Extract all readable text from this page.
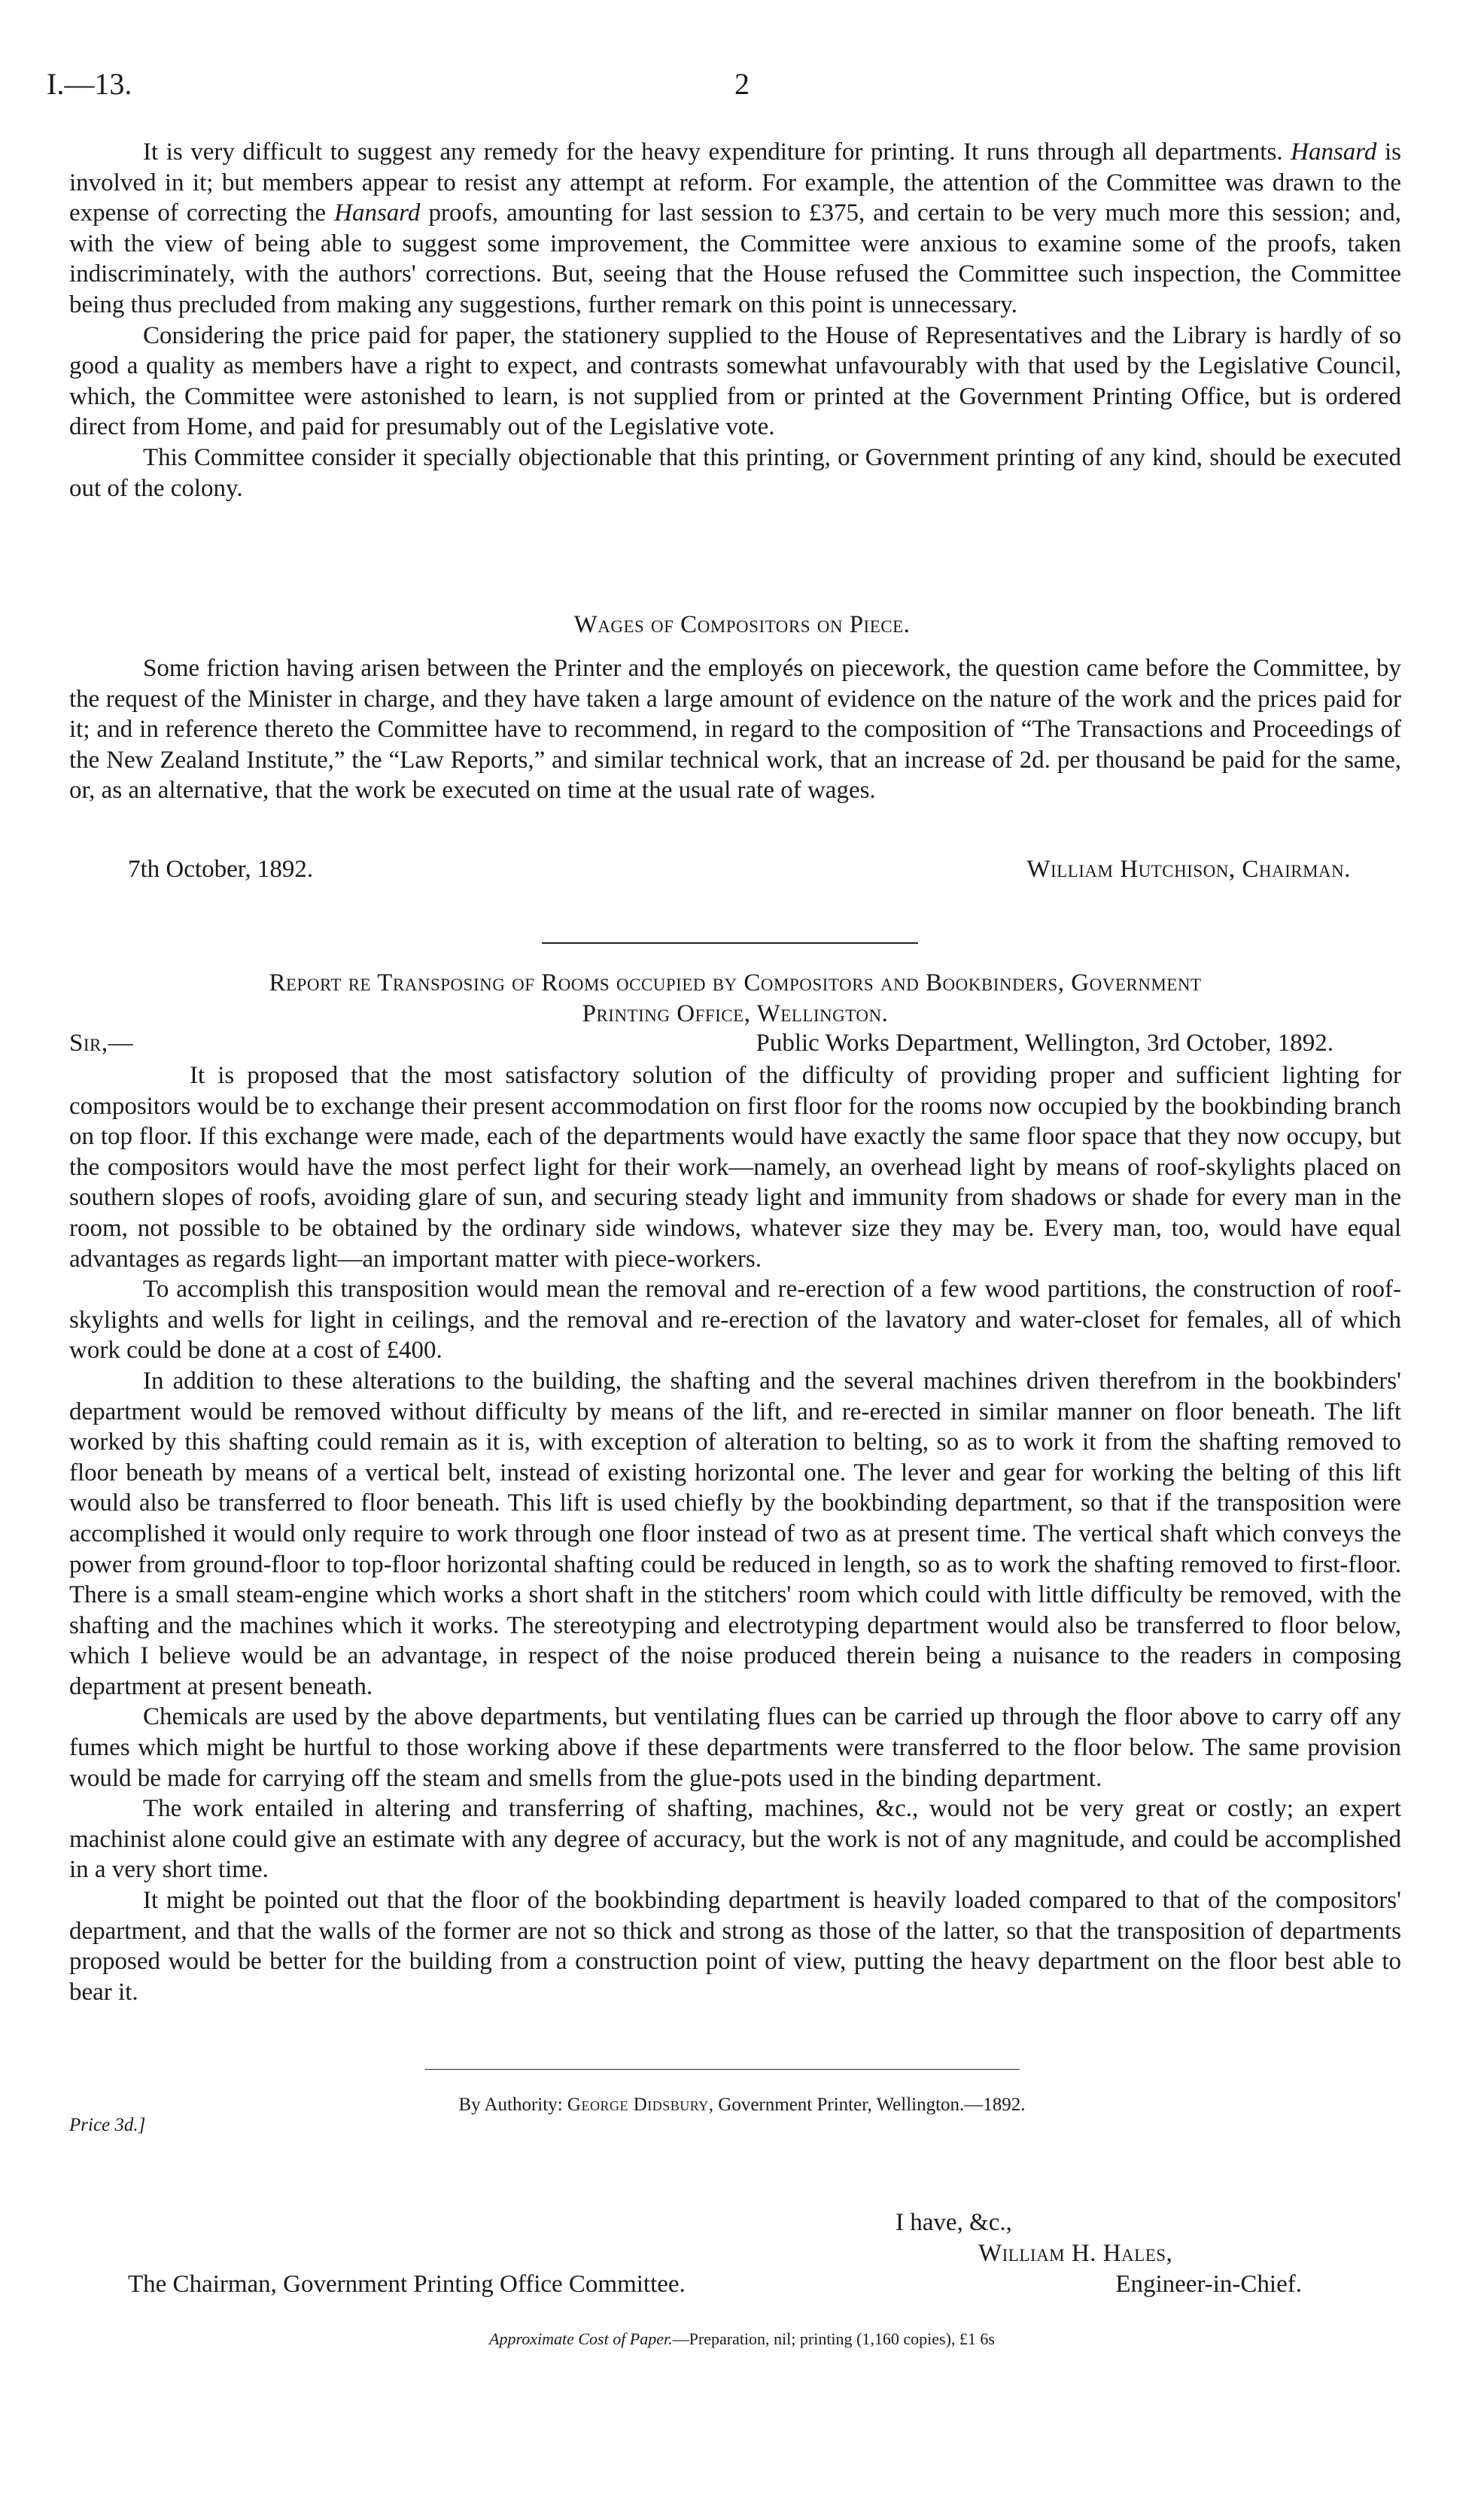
I.—13.	2

It is very difficult to suggest any remedy for the heavy expenditure for printing. It runs through all departments. Hansard is involved in it; but members appear to resist any attempt at reform. For example, the attention of the Committee was drawn to the expense of correcting the Hansard proofs, amounting for last session to £375, and certain to be very much more this session; and, with the view of being able to suggest some improvement, the Committee were anxious to examine some of the proofs, taken indiscriminately, with the authors' corrections. But, seeing that the House refused the Committee such inspection, the Committee being thus precluded from making any suggestions, further remark on this point is unnecessary.

Considering the price paid for paper, the stationery supplied to the House of Representatives and the Library is hardly of so good a quality as members have a right to expect, and contrasts somewhat unfavourably with that used by the Legislative Council, which, the Committee were astonished to learn, is not supplied from or printed at the Government Printing Office, but is ordered direct from Home, and paid for presumably out of the Legislative vote.

This Committee consider it specially objectionable that this printing, or Government printing of any kind, should be executed out of the colony.

Wages of Compositors on Piece.

Some friction having arisen between the Printer and the employés on piecework, the question came before the Committee, by the request of the Minister in charge, and they have taken a large amount of evidence on the nature of the work and the prices paid for it; and in reference thereto the Committee have to recommend, in regard to the composition of “The Transactions and Proceedings of the New Zealand Institute,” the “Law Reports,” and similar technical work, that an increase of 2d. per thousand be paid for the same, or, as an alternative, that the work be executed on time at the usual rate of wages.

7th October, 1892.	William Hutchison, Chairman.
Report re Transposing of Rooms occupied by Compositors and Bookbinders, Government
Printing Office, Wellington.
Sir,—	Public Works Department, Wellington, 3rd October, 1892.

It is proposed that the most satisfactory solution of the difficulty of providing proper and sufficient lighting for compositors would be to exchange their present accommodation on first floor for the rooms now occupied by the bookbinding branch on top floor. If this exchange were made, each of the departments would have exactly the same floor space that they now occupy, but the compositors would have the most perfect light for their work—namely, an overhead light by means of roof-skylights placed on southern slopes of roofs, avoiding glare of sun, and securing steady light and immunity from shadows or shade for every man in the room, not possible to be obtained by the ordinary side windows, whatever size they may be. Every man, too, would have equal advantages as regards light—an important matter with piece-workers.

To accomplish this transposition would mean the removal and re-erection of a few wood partitions, the construction of roof-skylights and wells for light in ceilings, and the removal and re-erection of the lavatory and water-closet for females, all of which work could be done at a cost of £400.

In addition to these alterations to the building, the shafting and the several machines driven therefrom in the bookbinders' department would be removed without difficulty by means of the lift, and re-erected in similar manner on floor beneath. The lift worked by this shafting could remain as it is, with exception of alteration to belting, so as to work it from the shafting removed to floor beneath by means of a vertical belt, instead of existing horizontal one. The lever and gear for working the belting of this lift would also be transferred to floor beneath. This lift is used chiefly by the bookbinding department, so that if the transposition were accomplished it would only require to work through one floor instead of two as at present time. The vertical shaft which conveys the power from ground-floor to top-floor horizontal shafting could be reduced in length, so as to work the shafting removed to first-floor. There is a small steam-engine which works a short shaft in the stitchers' room which could with little difficulty be removed, with the shafting and the machines which it works. The stereotyping and electrotyping department would also be transferred to floor below, which I believe would be an advantage, in respect of the noise produced therein being a nuisance to the readers in composing department at present beneath.

Chemicals are used by the above departments, but ventilating flues can be carried up through the floor above to carry off any fumes which might be hurtful to those working above if these departments were transferred to the floor below. The same provision would be made for carrying off the steam and smells from the glue-pots used in the binding department.

The work entailed in altering and transferring of shafting, machines, &c., would not be very great or costly; an expert machinist alone could give an estimate with any degree of accuracy, but the work is not of any magnitude, and could be accomplished in a very short time.

It might be pointed out that the floor of the bookbinding department is heavily loaded compared to that of the compositors' department, and that the walls of the former are not so thick and strong as those of the latter, so that the transposition of departments proposed would be better for the building from a construction point of view, putting the heavy department on the floor best able to bear it.

I have, &c.,
William H. Hales,
The Chairman, Government Printing Office Committee.	Engineer-in-Chief.
Approximate Cost of Paper.—Preparation, nil; printing (1,160 copies), £1 6s
By Authority: George Didsbury, Government Printer, Wellington.—1892.
Price 3d.]
